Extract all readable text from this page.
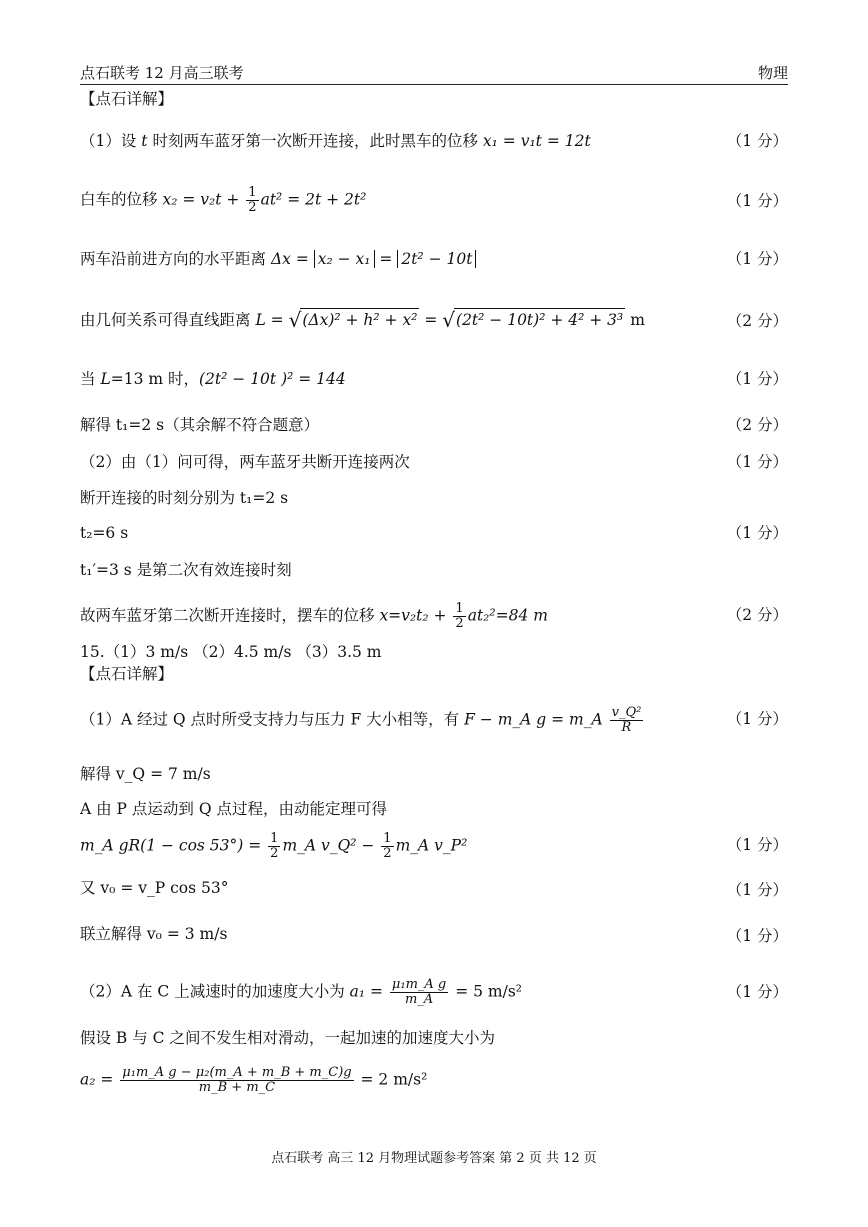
点石联考 12 月高三联考	物理
【点石详解】
（1）设 t 时刻两车蓝牙第一次断开连接，此时黑车的位移 x₁ = v₁t = 12t	（1 分）
白车的位移 $x_2 = v_2t + \frac{1}{2} at^2 = 2t + 2t^2$	（1 分）
两车沿前进方向的水平距离 Δx = x₂ − x₁ = 2t² − 10t	（1 分）
由几何关系可得直线距离 L = √(Δx)² + h² + x² = √(2t² − 10t)² + 4² + 3³ m	（2 分）
当 L=13 m 时，(2t² − 10t )² = 144	（1 分）
解得 t₁=2 s（其余解不符合题意）	（2 分）
（2）由（1）问可得，两车蓝牙共断开连接两次	（1 分）
断开连接的时刻分别为 t₁=2 s
t₂=6 s	（1 分）
t₁′=3 s 是第二次有效连接时刻
故两车蓝牙第二次断开连接时，摆车的位移 $x=v_2t_2 + \frac{1}{2} at_2^2=84$ m	（2 分）
15.（1）3 m/s （2）4.5 m/s （3）3.5 m
【点石详解】
（1）A 经过 Q 点时所受支持力与压力 F 大小相等，有 F − m_A g = m_A $\frac{\text{v\_Q²}}{R}$	（1 分）
解得 v_Q = 7 m/s
A 由 P 点运动到 Q 点过程，由动能定理可得
m_A $gR(1 - \cos 53^\circ) = \frac{1}{2}$ m_A v_Q² − $\frac{1}{2}$ m_A v_P²	（1 分）
又 v₀ = v_P cos 53°	（1 分）
联立解得 v₀ = 3 m/s	（1 分）
（2）A 在 C 上减速时的加速度大小为 $a_1 = \frac{\text{μ₁m\_A g}}{m\_A} = 5$ m/s²	（1 分）
假设 B 与 C 之间不发生相对滑动，一起加速的加速度大小为
$a_2 = \frac{\text{μ₁m\_A g − μ₂(m\_A + m\_B + m\_C)g}}{m\_B + m\_C} = 2$ m/s²
点石联考 高三 12 月物理试题参考答案 第 2 页 共 12 页
